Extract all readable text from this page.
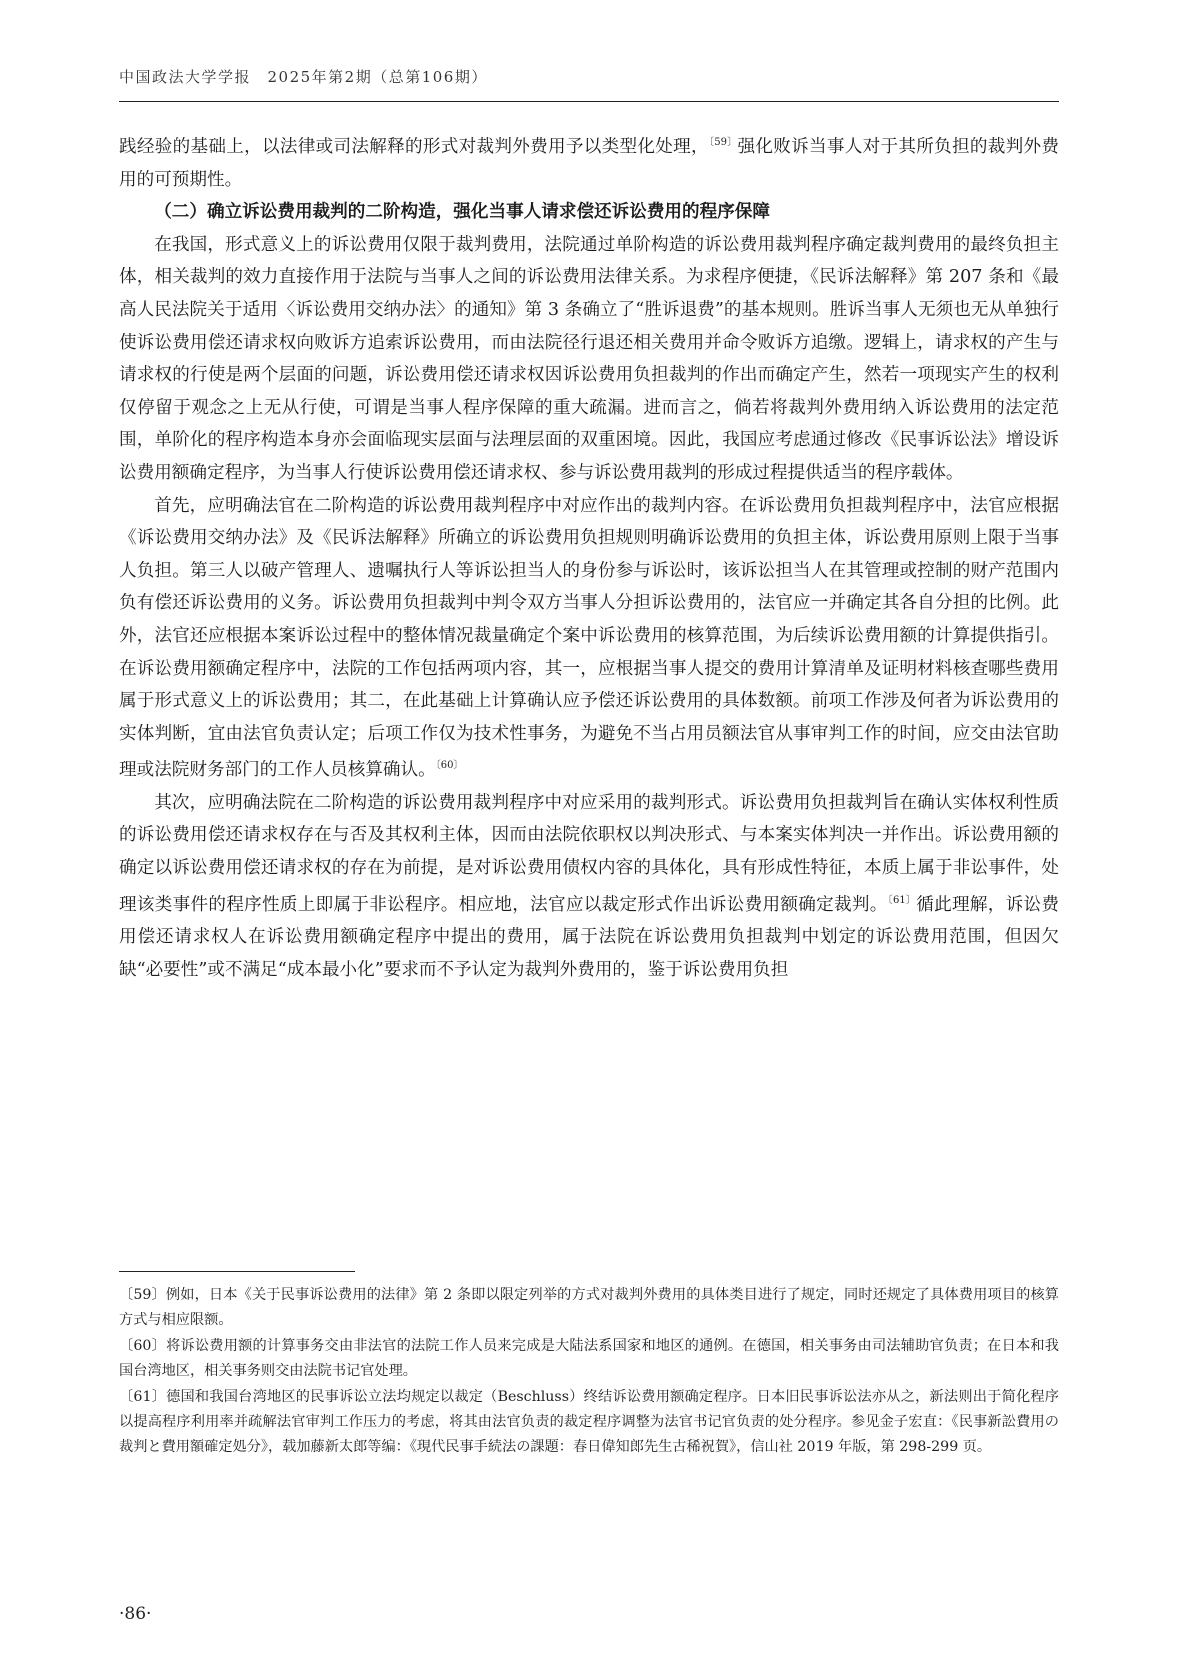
中国政法大学学报　2025年第2期（总第106期）

践经验的基础上，以法律或司法解释的形式对裁判外费用予以类型化处理，$^{〔59〕}$强化败诉当事人对于其所负担的裁判外费用的可预期性。

（二）确立诉讼费用裁判的二阶构造，强化当事人请求偿还诉讼费用的程序保障

在我国，形式意义上的诉讼费用仅限于裁判费用，法院通过单阶构造的诉讼费用裁判程序确定裁判费用的最终负担主体，相关裁判的效力直接作用于法院与当事人之间的诉讼费用法律关系。为求程序便捷，《民诉法解释》第 207 条和《最高人民法院关于适用〈诉讼费用交纳办法〉的通知》第 3 条确立了“胜诉退费”的基本规则。胜诉当事人无须也无从单独行使诉讼费用偿还请求权向败诉方追索诉讼费用，而由法院径行退还相关费用并命令败诉方追缴。逻辑上，请求权的产生与请求权的行使是两个层面的问题，诉讼费用偿还请求权因诉讼费用负担裁判的作出而确定产生，然若一项现实产生的权利仅停留于观念之上无从行使，可谓是当事人程序保障的重大疏漏。进而言之，倘若将裁判外费用纳入诉讼费用的法定范围，单阶化的程序构造本身亦会面临现实层面与法理层面的双重困境。因此，我国应考虑通过修改《民事诉讼法》增设诉讼费用额确定程序，为当事人行使诉讼费用偿还请求权、参与诉讼费用裁判的形成过程提供适当的程序载体。

首先，应明确法官在二阶构造的诉讼费用裁判程序中对应作出的裁判内容。在诉讼费用负担裁判程序中，法官应根据《诉讼费用交纳办法》及《民诉法解释》所确立的诉讼费用负担规则明确诉讼费用的负担主体，诉讼费用原则上限于当事人负担。第三人以破产管理人、遗嘱执行人等诉讼担当人的身份参与诉讼时，该诉讼担当人在其管理或控制的财产范围内负有偿还诉讼费用的义务。诉讼费用负担裁判中判令双方当事人分担诉讼费用的，法官应一并确定其各自分担的比例。此外，法官还应根据本案诉讼过程中的整体情况裁量确定个案中诉讼费用的核算范围，为后续诉讼费用额的计算提供指引。在诉讼费用额确定程序中，法院的工作包括两项内容，其一，应根据当事人提交的费用计算清单及证明材料核查哪些费用属于形式意义上的诉讼费用；其二，在此基础上计算确认应予偿还诉讼费用的具体数额。前项工作涉及何者为诉讼费用的实体判断，宜由法官负责认定；后项工作仅为技术性事务，为避免不当占用员额法官从事审判工作的时间，应交由法官助理或法院财务部门的工作人员核算确认。$^{〔60〕}$

其次，应明确法院在二阶构造的诉讼费用裁判程序中对应采用的裁判形式。诉讼费用负担裁判旨在确认实体权利性质的诉讼费用偿还请求权存在与否及其权利主体，因而由法院依职权以判决形式、与本案实体判决一并作出。诉讼费用额的确定以诉讼费用偿还请求权的存在为前提，是对诉讼费用债权内容的具体化，具有形成性特征，本质上属于非讼事件，处理该类事件的程序性质上即属于非讼程序。相应地，法官应以裁定形式作出诉讼费用额确定裁判。$^{〔61〕}$循此理解，诉讼费用偿还请求权人在诉讼费用额确定程序中提出的费用，属于法院在诉讼费用负担裁判中划定的诉讼费用范围，但因欠缺“必要性”或不满足“成本最小化”要求而不予认定为裁判外费用的，鉴于诉讼费用负担

〔59〕例如，日本《关于民事诉讼费用的法律》第 2 条即以限定列举的方式对裁判外费用的具体类目进行了规定，同时还规定了具体费用项目的核算方式与相应限额。

〔60〕将诉讼费用额的计算事务交由非法官的法院工作人员来完成是大陆法系国家和地区的通例。在德国，相关事务由司法辅助官负责；在日本和我国台湾地区，相关事务则交由法院书记官处理。

〔61〕德国和我国台湾地区的民事诉讼立法均规定以裁定（Beschluss）终结诉讼费用额确定程序。日本旧民事诉讼法亦从之，新法则出于简化程序以提高程序利用率并疏解法官审判工作压力的考虑，将其由法官负责的裁定程序调整为法官书记官负责的处分程序。参见金子宏直：《民事新訟費用の裁判と費用額確定処分》，载加藤新太郎等编：《現代民事手続法の課題：春日偉知郎先生古稀祝賀》，信山社 2019 年版，第 298-299 页。

·86·
